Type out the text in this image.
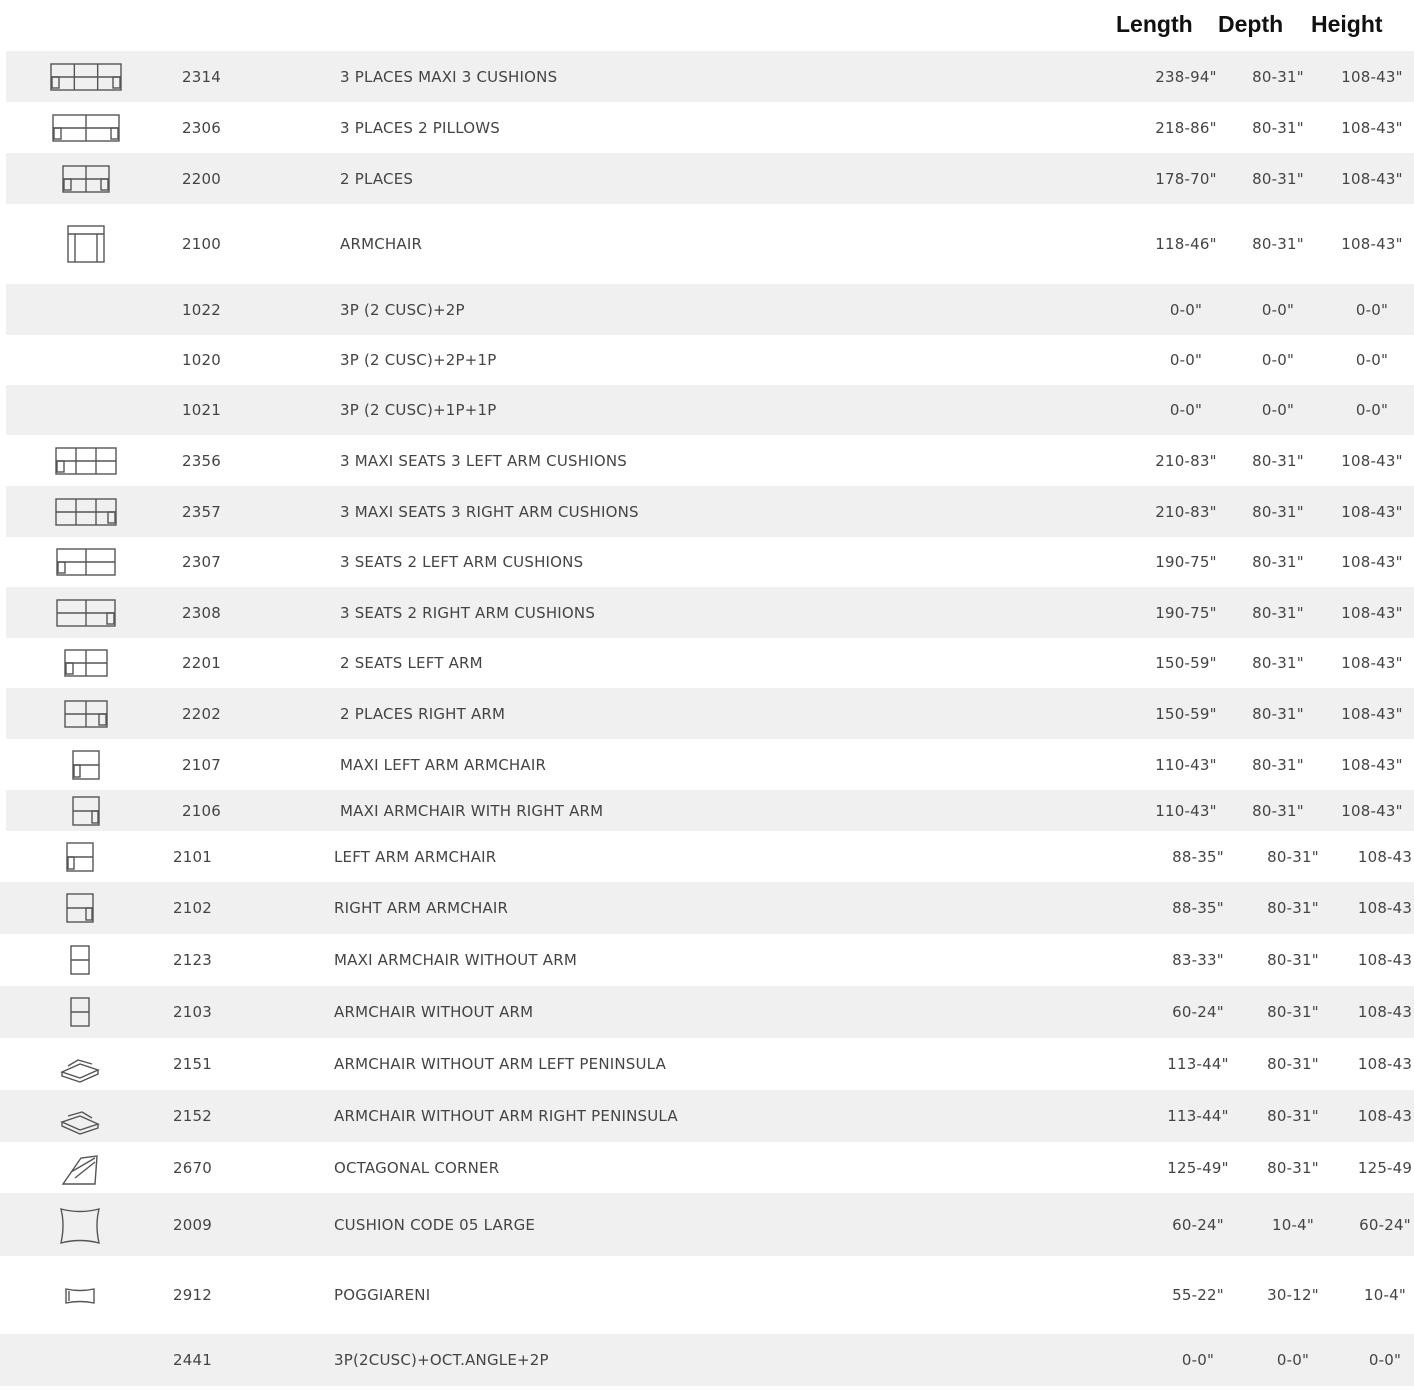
Length Depth Height
2314	3 PLACES MAXI 3 CUSHIONS	238-94"	80-31"	108-43"
2306	3 PLACES 2 PILLOWS	218-86"	80-31"	108-43"
2200	2 PLACES	178-70"	80-31"	108-43"
2100	ARMCHAIR	118-46"	80-31"	108-43"
1022	3P (2 CUSC)+2P	0-0"	0-0"	0-0"
1020	3P (2 CUSC)+2P+1P	0-0"	0-0"	0-0"
1021	3P (2 CUSC)+1P+1P	0-0"	0-0"	0-0"
2356	3 MAXI SEATS 3 LEFT ARM CUSHIONS	210-83"	80-31"	108-43"
2357	3 MAXI SEATS 3 RIGHT ARM CUSHIONS	210-83"	80-31"	108-43"
2307	3 SEATS 2 LEFT ARM CUSHIONS	190-75"	80-31"	108-43"
2308	3 SEATS 2 RIGHT ARM CUSHIONS	190-75"	80-31"	108-43"
2201	2 SEATS LEFT ARM	150-59"	80-31"	108-43"
2202	2 PLACES RIGHT ARM	150-59"	80-31"	108-43"
2107	MAXI LEFT ARM ARMCHAIR	110-43"	80-31"	108-43"
2106	MAXI ARMCHAIR WITH RIGHT ARM	110-43"	80-31"	108-43"
2101	LEFT ARM ARMCHAIR	88-35"	80-31"	108-43
2102	RIGHT ARM ARMCHAIR	88-35"	80-31"	108-43
2123	MAXI ARMCHAIR WITHOUT ARM	83-33"	80-31"	108-43
2103	ARMCHAIR WITHOUT ARM	60-24"	80-31"	108-43
2151	ARMCHAIR WITHOUT ARM LEFT PENINSULA	113-44"	80-31"	108-43
2152	ARMCHAIR WITHOUT ARM RIGHT PENINSULA	113-44"	80-31"	108-43
2670	OCTAGONAL CORNER	125-49"	80-31"	125-49
2009	CUSHION CODE 05 LARGE	60-24"	10-4"	60-24"
2912	POGGIARENI	55-22"	30-12"	10-4"
2441	3P(2CUSC)+OCT.ANGLE+2P	0-0"	0-0"	0-0"
